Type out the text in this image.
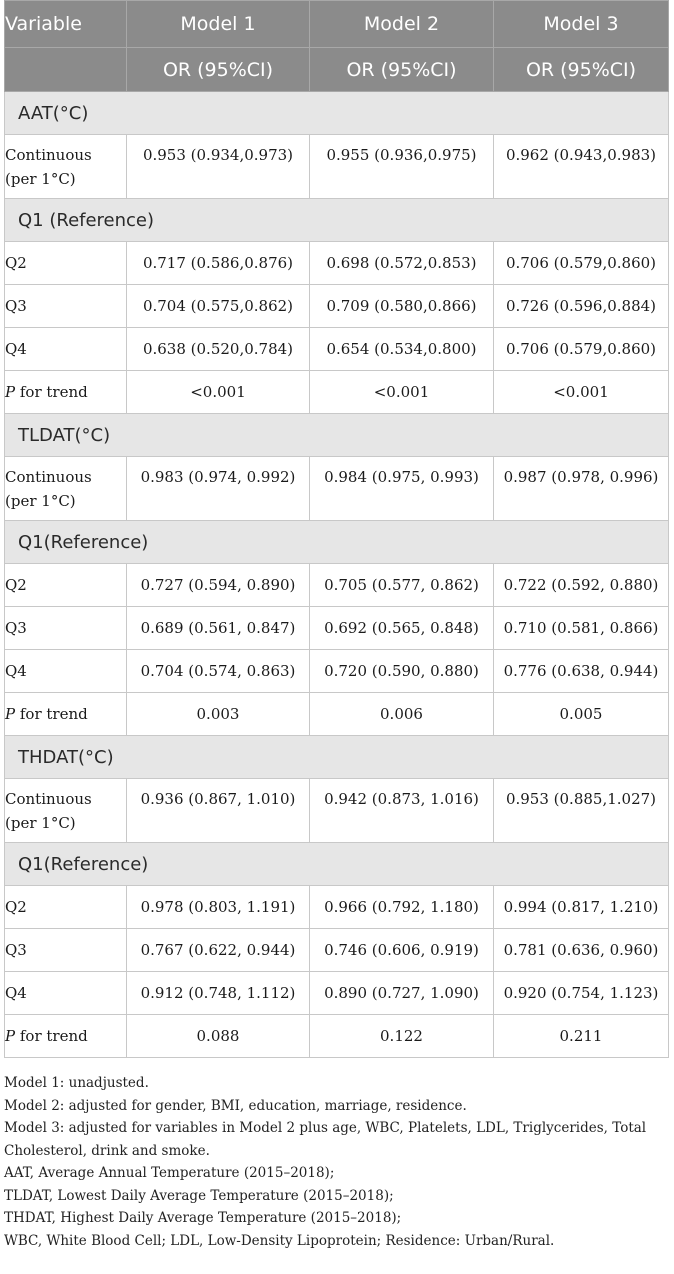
Variable	Model 1	Model 2	Model 3
	OR (95%CI)	OR (95%CI)	OR (95%CI)
AAT(°C)			
Continuous
(per 1°C)	0.953 (0.934,0.973)	0.955 (0.936,0.975)	0.962 (0.943,0.983)
Q1 (Reference)			
Q2	0.717 (0.586,0.876)	0.698 (0.572,0.853)	0.706 (0.579,0.860)
Q3	0.704 (0.575,0.862)	0.709 (0.580,0.866)	0.726 (0.596,0.884)
Q4	0.638 (0.520,0.784)	0.654 (0.534,0.800)	0.706 (0.579,0.860)
P for trend	<0.001	<0.001	<0.001
TLDAT(°C)			
Continuous
(per 1°C)	0.983 (0.974, 0.992)	0.984 (0.975, 0.993)	0.987 (0.978, 0.996)
Q1(Reference)			
Q2	0.727 (0.594, 0.890)	0.705 (0.577, 0.862)	0.722 (0.592, 0.880)
Q3	0.689 (0.561, 0.847)	0.692 (0.565, 0.848)	0.710 (0.581, 0.866)
Q4	0.704 (0.574, 0.863)	0.720 (0.590, 0.880)	0.776 (0.638, 0.944)
P for trend	0.003	0.006	0.005
THDAT(°C)			
Continuous
(per 1°C)	0.936 (0.867, 1.010)	0.942 (0.873, 1.016)	0.953 (0.885,1.027)
Q1(Reference)			
Q2	0.978 (0.803, 1.191)	0.966 (0.792, 1.180)	0.994 (0.817, 1.210)
Q3	0.767 (0.622, 0.944)	0.746 (0.606, 0.919)	0.781 (0.636, 0.960)
Q4	0.912 (0.748, 1.112)	0.890 (0.727, 1.090)	0.920 (0.754, 1.123)
P for trend	0.088	0.122	0.211
Model 1: unadjusted.
Model 2: adjusted for gender, BMI, education, marriage, residence.
Model 3: adjusted for variables in Model 2 plus age, WBC, Platelets, LDL, Triglycerides, Total Cholesterol, drink and smoke.
AAT, Average Annual Temperature (2015–2018);
TLDAT, Lowest Daily Average Temperature (2015–2018);
THDAT, Highest Daily Average Temperature (2015–2018);
WBC, White Blood Cell; LDL, Low-Density Lipoprotein; Residence: Urban/Rural.
